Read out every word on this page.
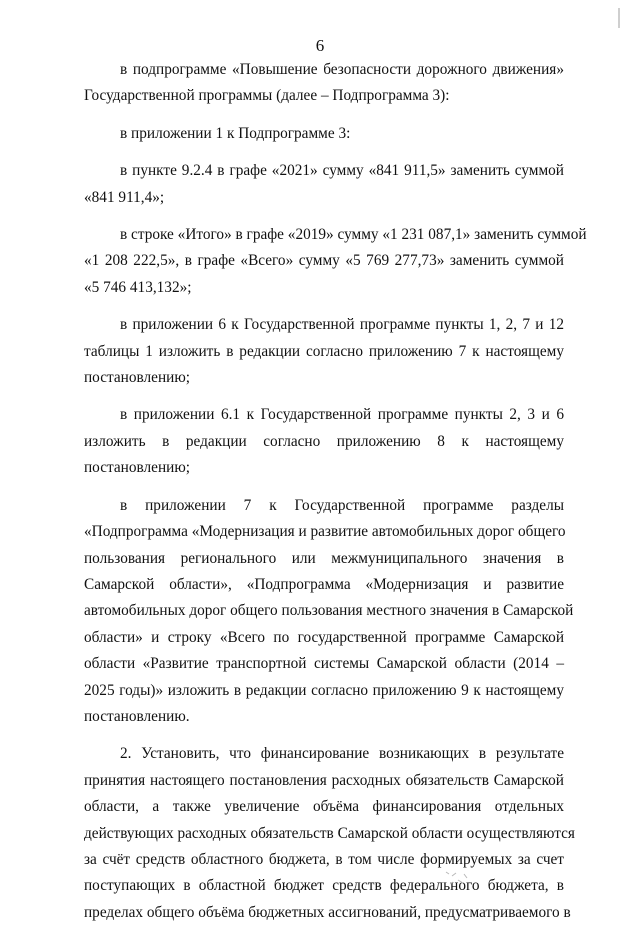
6
в подпрограмме «Повышение безопасности дорожного движения»
Государственной программы (далее – Подпрограмма 3):
в приложении 1 к Подпрограмме 3:
в пункте 9.2.4 в графе «2021» сумму «841 911,5» заменить суммой
«841 911,4»;
в строке «Итого» в графе «2019» сумму «1 231 087,1» заменить суммой
«1 208 222,5», в графе «Всего» сумму «5 769 277,73» заменить суммой
«5 746 413,132»;
в приложении 6 к Государственной программе пункты 1, 2, 7 и 12
таблицы 1 изложить в редакции согласно приложению 7 к настоящему
постановлению;
в приложении 6.1 к Государственной программе пункты 2, 3 и 6
изложить в редакции согласно приложению 8 к настоящему
постановлению;
в приложении 7 к Государственной программе разделы
«Подпрограмма «Модернизация и развитие автомобильных дорог общего
пользования регионального или межмуниципального значения в
Самарской области», «Подпрограмма «Модернизация и развитие
автомобильных дорог общего пользования местного значения в Самарской
области» и строку «Всего по государственной программе Самарской
области «Развитие транспортной системы Самарской области (2014 –
2025 годы)» изложить в редакции согласно приложению 9 к настоящему
постановлению.
2. Установить, что финансирование возникающих в результате
принятия настоящего постановления расходных обязательств Самарской
области, а также увеличение объёма финансирования отдельных
действующих расходных обязательств Самарской области осуществляются
за счёт средств областного бюджета, в том числе формируемых за счет
поступающих в областной бюджет средств федерального бюджета, в
пределах общего объёма бюджетных ассигнований, предусматриваемого в
